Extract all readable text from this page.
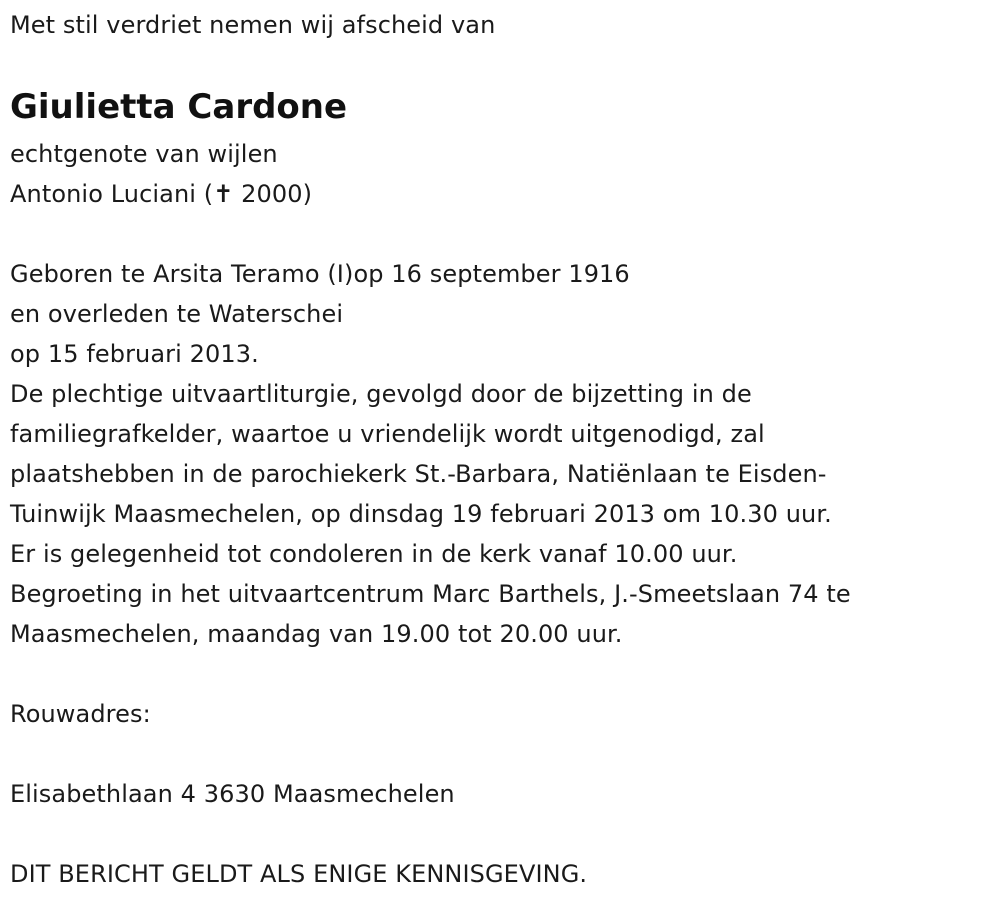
Met stil verdriet nemen wij afscheid van
Giulietta Cardone
echtgenote van wijlen
Antonio Luciani (✝ 2000)
Geboren te Arsita Teramo (I)op 16 september 1916
en overleden te Waterschei
op 15 februari 2013.
De plechtige uitvaartliturgie, gevolgd door de bijzetting in de
familiegrafkelder, waartoe u vriendelijk wordt uitgenodigd, zal
plaatshebben in de parochiekerk St.-Barbara, Natiënlaan te Eisden-
Tuinwijk Maasmechelen, op dinsdag 19 februari 2013 om 10.30 uur.
Er is gelegenheid tot condoleren in de kerk vanaf 10.00 uur.
Begroeting in het uitvaartcentrum Marc Barthels, J.-Smeetslaan 74 te
Maasmechelen, maandag van 19.00 tot 20.00 uur.
Rouwadres:
Elisabethlaan 4 3630 Maasmechelen
DIT BERICHT GELDT ALS ENIGE KENNISGEVING.
